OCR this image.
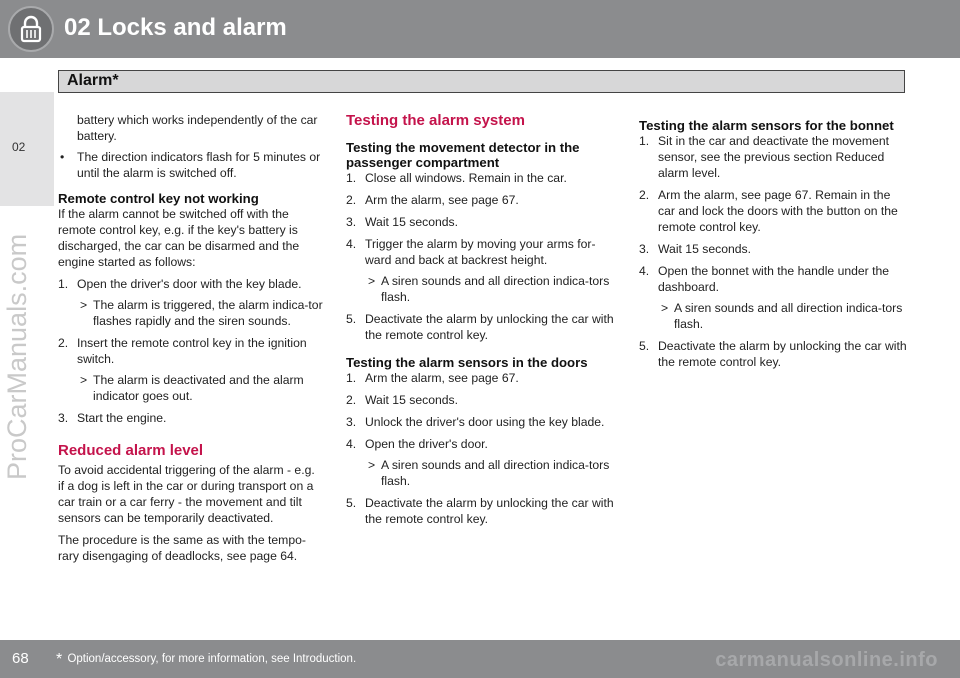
02 Locks and alarm
Alarm*
02
ProCarManuals.com
battery which works independently of the car battery.
• The direction indicators flash for 5 minutes or until the alarm is switched off.
Remote control key not working

If the alarm cannot be switched off with the remote control key, e.g. if the key's battery is discharged, the car can be disarmed and the engine started as follows:

1. Open the driver's door with the key blade.
> The alarm is triggered, the alarm indica-tor flashes rapidly and the siren sounds.
2. Insert the remote control key in the ignition switch.
> The alarm is deactivated and the alarm indicator goes out.
3. Start the engine.
Reduced alarm level

To avoid accidental triggering of the alarm - e.g. if a dog is left in the car or during transport on a car train or a car ferry - the movement and tilt sensors can be temporarily deactivated.

The procedure is the same as with the tempo-rary disengaging of deadlocks, see page 64.

Testing the alarm system
Testing the movement detector in the passenger compartment
1. Close all windows. Remain in the car.
2. Arm the alarm, see page 67.
3. Wait 15 seconds.
4. Trigger the alarm by moving your arms for-ward and back at backrest height.
> A siren sounds and all direction indica-tors flash.
5. Deactivate the alarm by unlocking the car with the remote control key.
Testing the alarm sensors in the doors
1. Arm the alarm, see page 67.
2. Wait 15 seconds.
3. Unlock the driver's door using the key blade.
4. Open the driver's door.
> A siren sounds and all direction indica-tors flash.
5. Deactivate the alarm by unlocking the car with the remote control key.
Testing the alarm sensors for the bonnet
1. Sit in the car and deactivate the movement sensor, see the previous section Reduced alarm level.
2. Arm the alarm, see page 67. Remain in the car and lock the doors with the button on the remote control key.
3. Wait 15 seconds.
4. Open the bonnet with the handle under the dashboard.
> A siren sounds and all direction indica-tors flash.
5. Deactivate the alarm by unlocking the car with the remote control key.
68 * Option/accessory, for more information, see Introduction.	carmanualsonline.info
